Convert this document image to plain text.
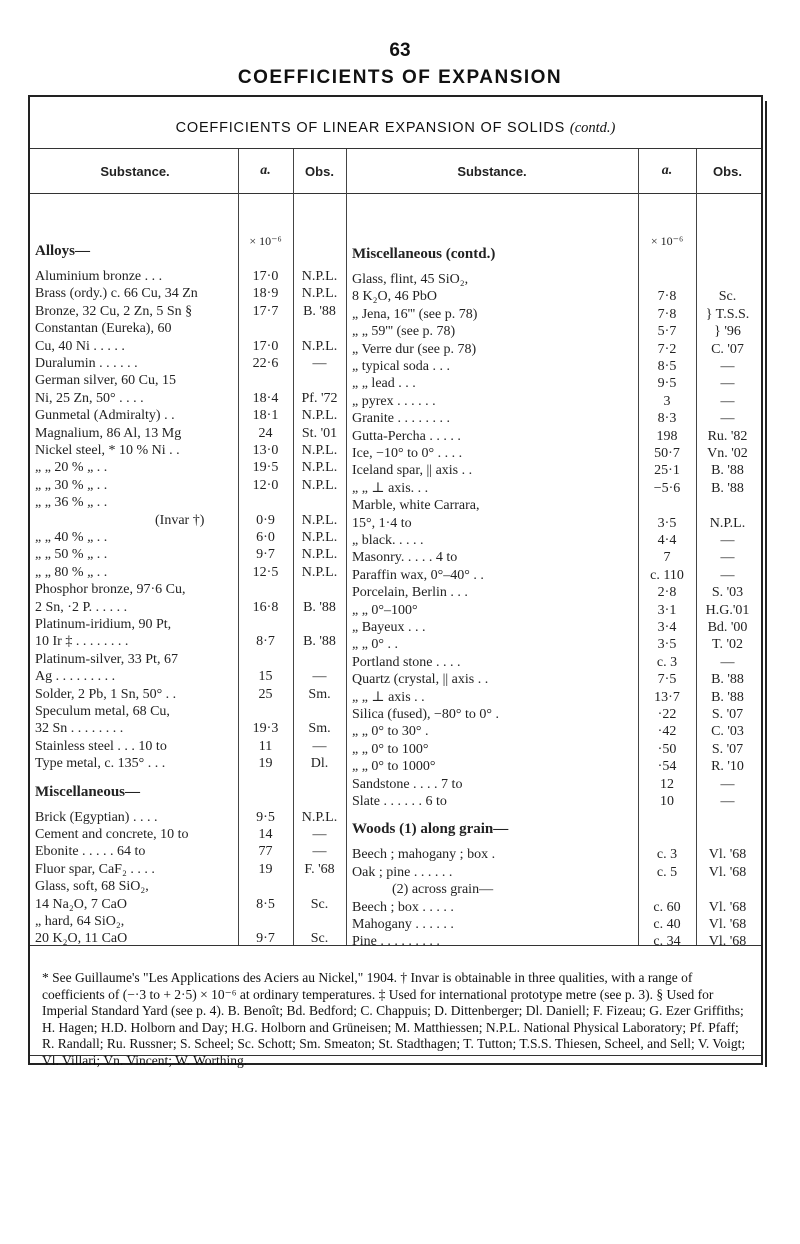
63
COEFFICIENTS OF EXPANSION
COEFFICIENTS OF LINEAR EXPANSION OF SOLIDS (contd.)
Substance.	a.	Obs.	Substance.	a.	Obs.
× 10⁻⁶	× 10⁻⁶
Alloys—
Aluminium bronze . . .	17·0	N.P.L.
Brass (ordy.) c. 66 Cu, 34 Zn	18·9	N.P.L.
Bronze, 32 Cu, 2 Zn, 5 Sn §	17·7	B. '88
Constantan (Eureka), 60
Cu, 40 Ni . . . . .	17·0	N.P.L.
Duralumin . . . . . .	22·6	—
German silver, 60 Cu, 15
Ni, 25 Zn, 50° . . . .	18·4	Pf. '72
Gunmetal (Admiralty) . .	18·1	N.P.L.
Magnalium, 86 Al, 13 Mg	24	St. '01
Nickel steel, * 10 % Ni . .	13·0	N.P.L.
„ „ 20 % „ . .	19·5	N.P.L.
„ „ 30 % „ . .	12·0	N.P.L.
„ „ 36 % „ . .
(Invar †)	0·9	N.P.L.
„ „ 40 % „ . .	6·0	N.P.L.
„ „ 50 % „ . .	9·7	N.P.L.
„ „ 80 % „ . .	12·5	N.P.L.
Phosphor bronze, 97·6 Cu,
2 Sn, ·2 P. . . . . .	16·8	B. '88
Platinum-iridium, 90 Pt,
10 Ir ‡ . . . . . . . .	8·7	B. '88
Platinum-silver, 33 Pt, 67
Ag . . . . . . . . .	15	—
Solder, 2 Pb, 1 Sn, 50° . .	25	Sm.
Speculum metal, 68 Cu,
32 Sn . . . . . . . .	19·3	Sm.
Stainless steel . . . 10 to	11	—
Type metal, c. 135° . . .	19	Dl.
Miscellaneous—
Brick (Egyptian) . . . .	9·5	N.P.L.
Cement and concrete, 10 to	14	—
Ebonite . . . . . 64 to	77	—
Fluor spar, CaF₂ . . . .	19	F. '68
Glass, soft, 68 SiO₂,
14 Na₂O, 7 CaO	8·5	Sc.
„ hard, 64 SiO₂,
20 K₂O, 11 CaO	9·7	Sc.
Miscellaneous (contd.)
Glass, flint, 45 SiO₂,
8 K₂O, 46 PbO	7·8	Sc.
„ Jena, 16''' (see p. 78)	7·8	} T.S.S.
„ „ 59''' (see p. 78)	5·7	} '96
„ Verre dur (see p. 78)	7·2	C. '07
„ typical soda . . .	8·5	—
„ „ lead . . .	9·5	—
„ pyrex . . . . . .	3	—
Granite . . . . . . . .	8·3	—
Gutta-Percha . . . . .	198	Ru. '82
Ice, −10° to 0° . . . .	50·7	Vn. '02
Iceland spar, || axis . .	25·1	B. '88
„ „ ⊥ axis. . .	−5·6	B. '88
Marble, white Carrara,
15°, 1·4 to	3·5	N.P.L.
„ black. . . . .	4·4	—
Masonry. . . . . 4 to	7	—
Paraffin wax, 0°–40° . .	c. 110	—
Porcelain, Berlin . . .	2·8	S. '03
„ „ 0°–100°	3·1	H.G.'01
„ Bayeux . . .	3·4	Bd. '00
„ „ 0° . .	3·5	T. '02
Portland stone . . . .	c. 3	—
Quartz (crystal, || axis . .	7·5	B. '88
„ „ ⊥ axis . .	13·7	B. '88
Silica (fused), −80° to 0° .	·22	S. '07
„ „ 0° to 30° .	·42	C. '03
„ „ 0° to 100°	·50	S. '07
„ „ 0° to 1000°	·54	R. '10
Sandstone . . . . 7 to	12	—
Slate . . . . . . 6 to	10	—
Woods (1) along grain—
Beech ; mahogany ; box .	c. 3	Vl. '68
Oak ; pine . . . . . .	c. 5	Vl. '68
(2) across grain—
Beech ; box . . . . .	c. 60	Vl. '68
Mahogany . . . . . .	c. 40	Vl. '68
Pine . . . . . . . . .	c. 34	Vl. '68
* See Guillaume's "Les Applications des Aciers au Nickel," 1904. † Invar is obtainable in three qualities, with a range of coefficients of (−·3 to + 2·5) × 10⁻⁶ at ordinary temperatures. ‡ Used for international prototype metre (see p. 3). § Used for Imperial Standard Yard (see p. 4). B. Benoît; Bd. Bedford; C. Chappuis; D. Dittenberger; Dl. Daniell; F. Fizeau; G. Ezer Griffiths; H. Hagen; H.D. Holborn and Day; H.G. Holborn and Grüneisen; M. Matthiessen; N.P.L. National Physical Laboratory; Pf. Pfaff; R. Randall; Ru. Russner; S. Scheel; Sc. Schott; Sm. Smeaton; St. Stadthagen; T. Tutton; T.S.S. Thiesen, Scheel, and Sell; V. Voigt; Vl. Villari; Vn. Vincent; W. Worthing.
